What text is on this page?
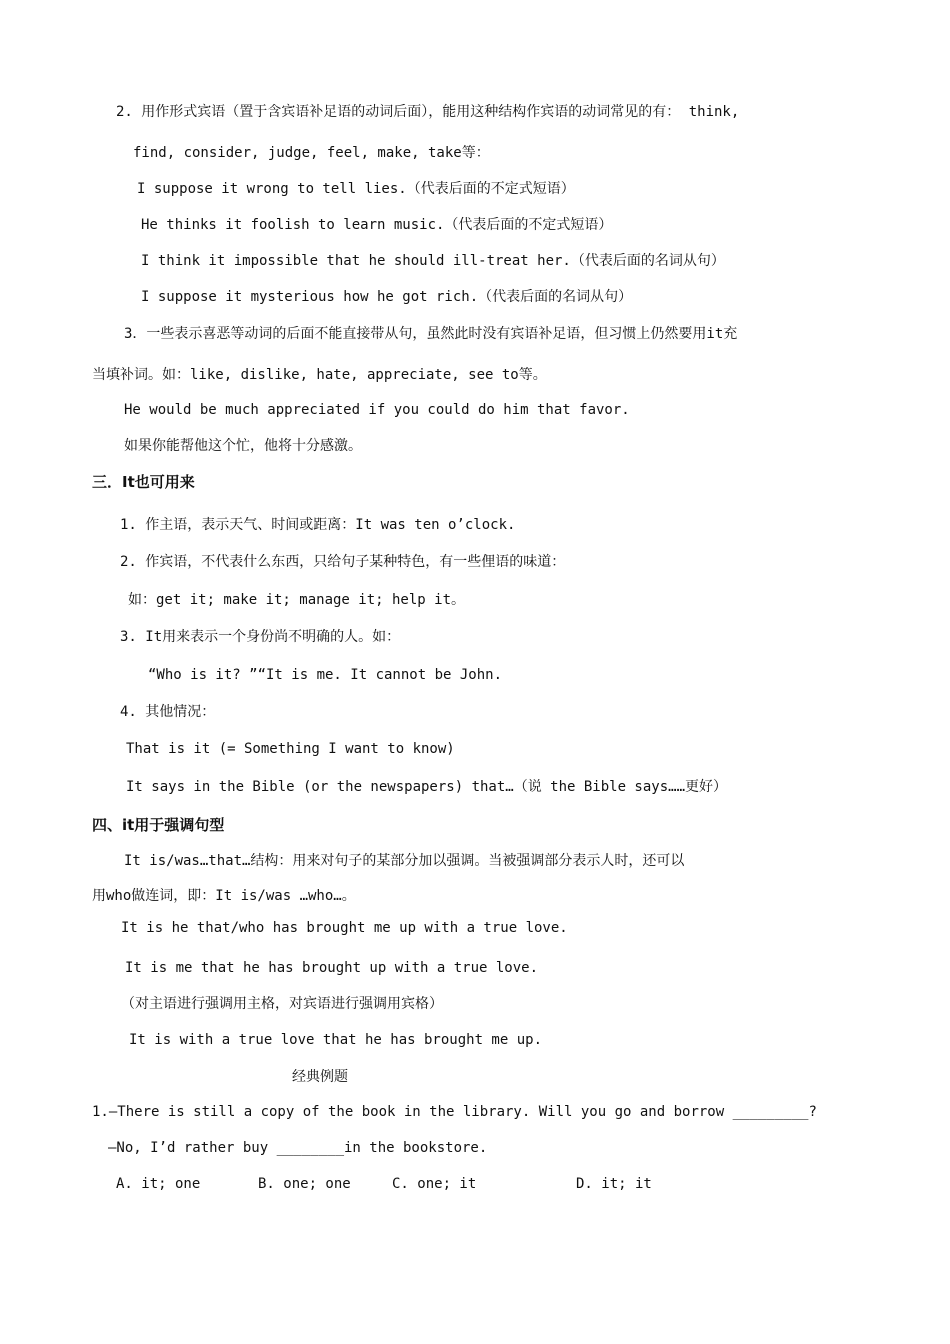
2. 用作形式宾语（置于含宾语补足语的动词后面），能用这种结构作宾语的动词常见的有： think,
find, consider, judge, feel, make, take等：
I suppose it wrong to tell lies.（代表后面的不定式短语）
He thinks it foolish to learn music.（代表后面的不定式短语）
I think it impossible that he should ill-treat her.（代表后面的名词从句）
I suppose it mysterious how he got rich.（代表后面的名词从句）
3．一些表示喜恶等动词的后面不能直接带从句，虽然此时没有宾语补足语，但习惯上仍然要用it充
当填补词。如：like, dislike, hate, appreciate, see to等。
He would be much appreciated if you could do him that favor.
如果你能帮他这个忙，他将十分感激。
三．It也可用来
1. 作主语，表示天气、时间或距离：It was ten o’clock.
2. 作宾语，不代表什么东西，只给句子某种特色，有一些俚语的味道：
如：get it; make it; manage it; help it。
3. It用来表示一个身份尚不明确的人。如：
“Who is it? ”“It is me. It cannot be John.
4. 其他情况：
That is it (= Something I want to know)
It says in the Bible (or the newspapers) that…（说 the Bible says……更好）
四、it用于强调句型
It is/was…that…结构：用来对句子的某部分加以强调。当被强调部分表示人时，还可以
用who做连词，即：It is/was …who…。
It is he that/who has brought me up with a true love.
It is me that he has brought up with a true love.
（对主语进行强调用主格，对宾语进行强调用宾格）
It is with a true love that he has brought me up.
经典例题
1.—There is still a copy of the book in the library. Will you go and borrow _________?
—No, I’d rather buy ________in the bookstore.
A. it; one	B. one; one	C. one; it	D. it; it
